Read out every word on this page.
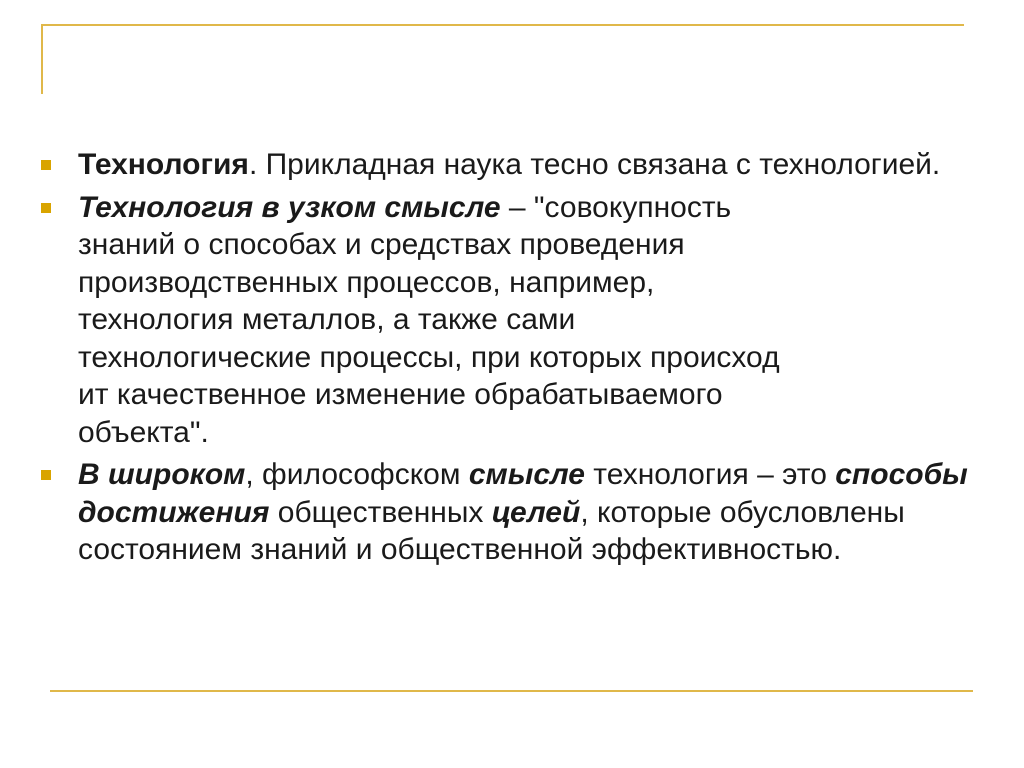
Технология. Прикладная наука тесно связана с технологией.
Технология в узком смысле – "совокупность
знаний о способах и средствах проведения
производственных процессов, например,
технология металлов, а также сами
технологические процессы, при которых происход
ит качественное изменение обрабатываемого
объекта".
В широком, философском смысле технология – это способы достижения общественных целей, которые обусловлены состоянием знаний и общественной эффективностью.
